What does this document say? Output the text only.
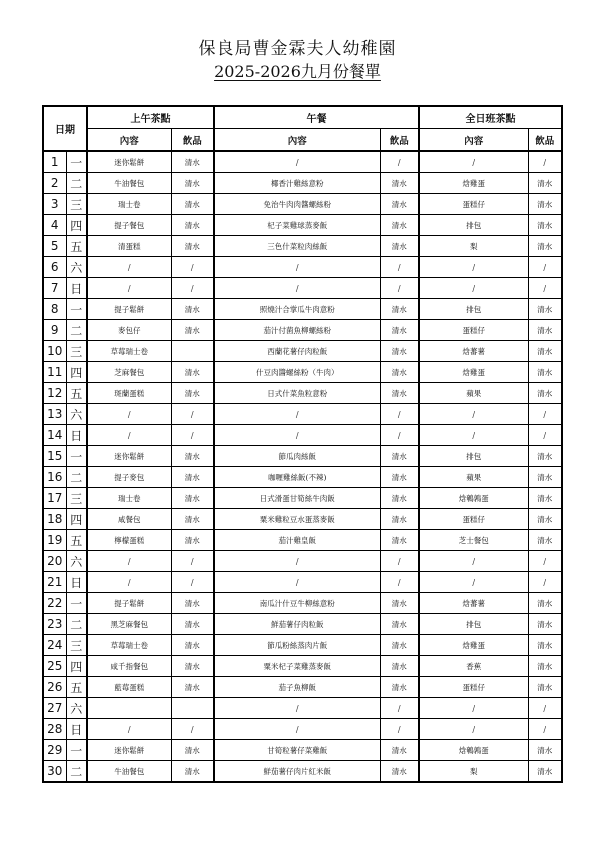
保良局曹金霖夫人幼稚園
2025-2026九月份餐單
日期		上午茶點		午餐		全日班茶點	
		內容	飲品	內容	飲品	內容	飲品
1	一	迷你鬆餅	清水	/	/	/	/
2	二	牛油餐包	清水	椰香汁雞絲意粉	清水	焓雞蛋	清水
3	三	瑞士卷	清水	免治牛肉肉醬螺絲粉	清水	蛋糕仔	清水
4	四	提子餐包	清水	杞子菜雞球蒸麥飯	清水	排包	清水
5	五	清蛋糕	清水	三色什菜粒肉絲飯	清水	梨	清水
6	六	/	/	/	/	/	/
7	日	/	/	/	/	/	/
8	一	提子鬆餅	清水	照燒汁合掌瓜牛肉意粉	清水	排包	清水
9	二	麥包仔	清水	茄汁付菌魚柳螺絲粉	清水	蛋糕仔	清水
10	三	草莓瑞士卷		西蘭花薯仔肉粒飯	清水	焓蕃薯	清水
11	四	芝麻餐包	清水	什豆肉醬螺絲粉（牛肉）	清水	焓雞蛋	清水
12	五	斑蘭蛋糕	清水	日式什菜魚粒意粉	清水	蘋果	清水
13	六	/	/	/	/	/	/
14	日	/	/	/	/	/	/
15	一	迷你鬆餅	清水	節瓜肉絲飯	清水	排包	清水
16	二	提子麥包	清水	咖喱雞絲飯(不辣)	清水	蘋果	清水
17	三	瑞士卷	清水	日式滑蛋甘筍絲牛肉飯	清水	焓鵪鶉蛋	清水
18	四	咸餐包	清水	粟米雞粒豆水蛋蒸麥飯	清水	蛋糕仔	清水
19	五	檸檬蛋糕	清水	茄汁雞皇飯	清水	芝士餐包	清水
20	六	/	/	/	/	/	/
21	日	/	/	/	/	/	/
22	一	提子鬆餅	清水	南瓜汁什豆牛柳絲意粉	清水	焓蕃薯	清水
23	二	黑芝麻餐包	清水	鮮茄薯仔肉粒飯	清水	排包	清水
24	三	草莓瑞士卷	清水	節瓜粉絲蒸肉片飯	清水	焓雞蛋	清水
25	四	咸千指餐包	清水	粟米杞子菜雞蒸麥飯	清水	香蕉	清水
26	五	藍莓蛋糕	清水	茄子魚柳飯	清水	蛋糕仔	清水
27	六			/	/	/	/
28	日	/	/	/	/	/	/
29	一	迷你鬆餅	清水	甘筍粒薯仔菜雞飯	清水	焓鵪鶉蛋	清水
30	二	牛油餐包	清水	鮮茄薯仔肉片紅米飯	清水	梨	清水
